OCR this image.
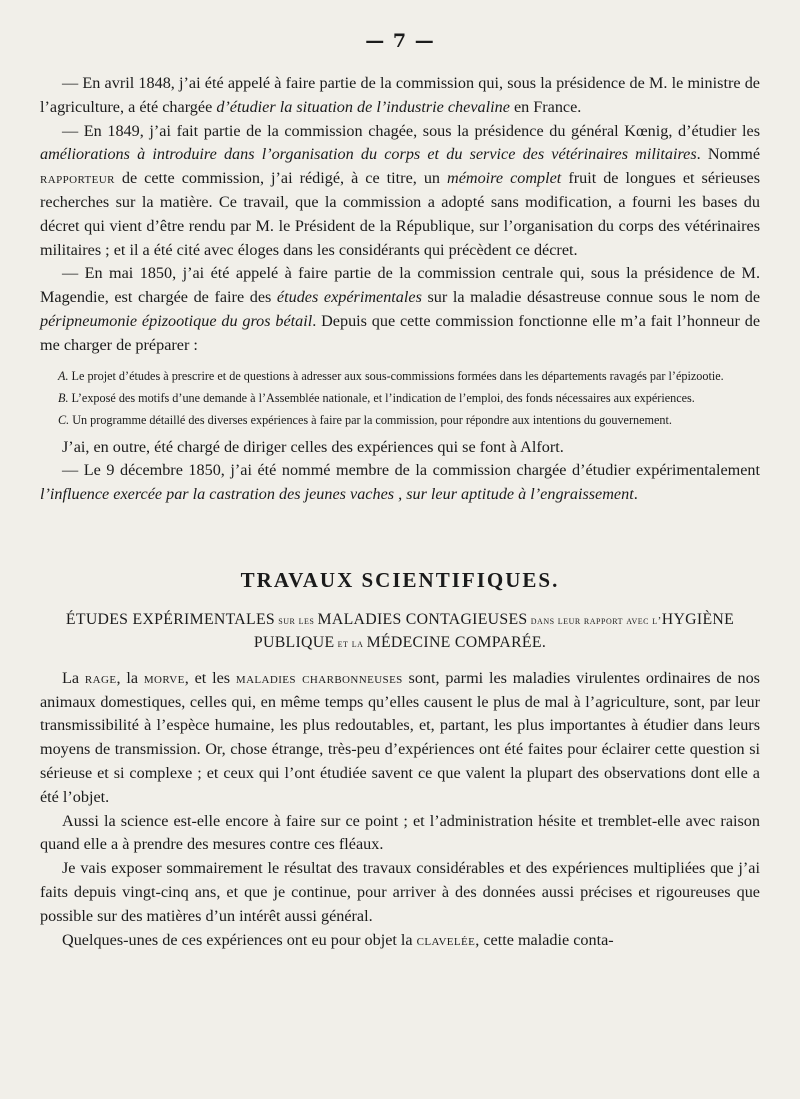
— 7 —

— En avril 1848, j’ai été appelé à faire partie de la commission qui, sous la présidence de M. le ministre de l’agriculture, a été chargée d’étudier la situation de l’industrie chevaline en France.

— En 1849, j’ai fait partie de la commission chagée, sous la présidence du général Kœnig, d’étudier les améliorations à introduire dans l’organisation du corps et du service des vétérinaires militaires. Nommé rapporteur de cette commission, j’ai rédigé, à ce titre, un mémoire complet fruit de longues et sérieuses recherches sur la matière. Ce travail, que la commission a adopté sans modification, a fourni les bases du décret qui vient d’être rendu par M. le Président de la République, sur l’organisation du corps des vétérinaires militaires ; et il a été cité avec éloges dans les considérants qui précèdent ce décret.

— En mai 1850, j’ai été appelé à faire partie de la commission centrale qui, sous la présidence de M. Magendie, est chargée de faire des études expérimentales sur la maladie désastreuse connue sous le nom de péripneumonie épizootique du gros bétail. Depuis que cette commission fonctionne elle m’a fait l’honneur de me charger de préparer :

A. Le projet d’études à prescrire et de questions à adresser aux sous-commissions formées dans les départements ravagés par l’épizootie.

B. L’exposé des motifs d’une demande à l’Assemblée nationale, et l’indication de l’emploi, des fonds nécessaires aux expériences.

C. Un programme détaillé des diverses expériences à faire par la commission, pour répondre aux intentions du gouvernement.

J’ai, en outre, été chargé de diriger celles des expériences qui se font à Alfort.

— Le 9 décembre 1850, j’ai été nommé membre de la commission chargée d’étudier expérimentalement l’influence exercée par la castration des jeunes vaches , sur leur aptitude à l’engraissement.

TRAVAUX SCIENTIFIQUES.
ÉTUDES EXPÉRIMENTALES sur les MALADIES CONTAGIEUSES dans leur rapport avec l’HYGIÈNE PUBLIQUE et la MÉDECINE COMPARÉE.

La rage, la morve, et les maladies charbonneuses sont, parmi les maladies virulentes ordinaires de nos animaux domestiques, celles qui, en même temps qu’elles causent le plus de mal à l’agriculture, sont, par leur transmissibilité à l’espèce humaine, les plus redoutables, et, partant, les plus importantes à étudier dans leurs moyens de transmission. Or, chose étrange, très-peu d’expériences ont été faites pour éclairer cette question si sérieuse et si complexe ; et ceux qui l’ont étudiée savent ce que valent la plupart des observations dont elle a été l’objet.

Aussi la science est-elle encore à faire sur ce point ; et l’administration hésite et tremblet-elle avec raison quand elle a à prendre des mesures contre ces fléaux.

Je vais exposer sommairement le résultat des travaux considérables et des expériences multipliées que j’ai faits depuis vingt-cinq ans, et que je continue, pour arriver à des données aussi précises et rigoureuses que possible sur des matières d’un intérêt aussi général.

Quelques-unes de ces expériences ont eu pour objet la clavelée, cette maladie conta-
